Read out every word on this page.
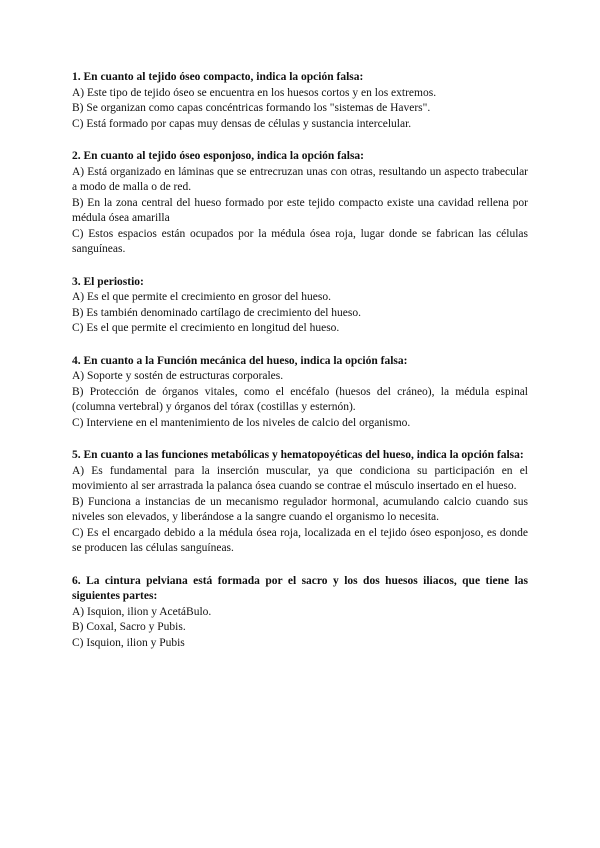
1. En cuanto al tejido óseo compacto, indica la opción falsa:

A) Este tipo de tejido óseo se encuentra en los huesos cortos y en los extremos.

B) Se organizan como capas concéntricas formando los "sistemas de Havers".

C) Está formado por capas muy densas de células y sustancia intercelular.

2. En cuanto al tejido óseo esponjoso, indica la opción falsa:

A) Está organizado en láminas que se entrecruzan unas con otras, resultando un aspecto trabecular a modo de malla o de red.

B) En la zona central del hueso formado por este tejido compacto existe una cavidad rellena por médula ósea amarilla

C) Estos espacios están ocupados por la médula ósea roja, lugar donde se fabrican las células sanguíneas.

3. El periostio:

A) Es el que permite el crecimiento en grosor del hueso.

B) Es también denominado cartílago de crecimiento del hueso.

C) Es el que permite el crecimiento en longitud del hueso.

4. En cuanto a la Función mecánica del hueso, indica la opción falsa:

A) Soporte y sostén de estructuras corporales.

B) Protección de órganos vitales, como el encéfalo (huesos del cráneo), la médula espinal (columna vertebral) y órganos del tórax (costillas y esternón).

C) Interviene en el mantenimiento de los niveles de calcio del organismo.

5. En cuanto a las funciones metabólicas y hematopoyéticas del hueso, indica la opción falsa:

A) Es fundamental para la inserción muscular, ya que condiciona su participación en el movimiento al ser arrastrada la palanca ósea cuando se contrae el músculo insertado en el hueso.

B) Funciona a instancias de un mecanismo regulador hormonal, acumulando calcio cuando sus niveles son elevados, y liberándose a la sangre cuando el organismo lo necesita.

C) Es el encargado debido a la médula ósea roja, localizada en el tejido óseo esponjoso, es donde se producen las células sanguíneas.

6. La cintura pelviana está formada por el sacro y los dos huesos iliacos, que tiene las siguientes partes:

A) Isquion, ilion y AcetáBulo.

B) Coxal, Sacro y Pubis.

C) Isquion, ilion y Pubis
